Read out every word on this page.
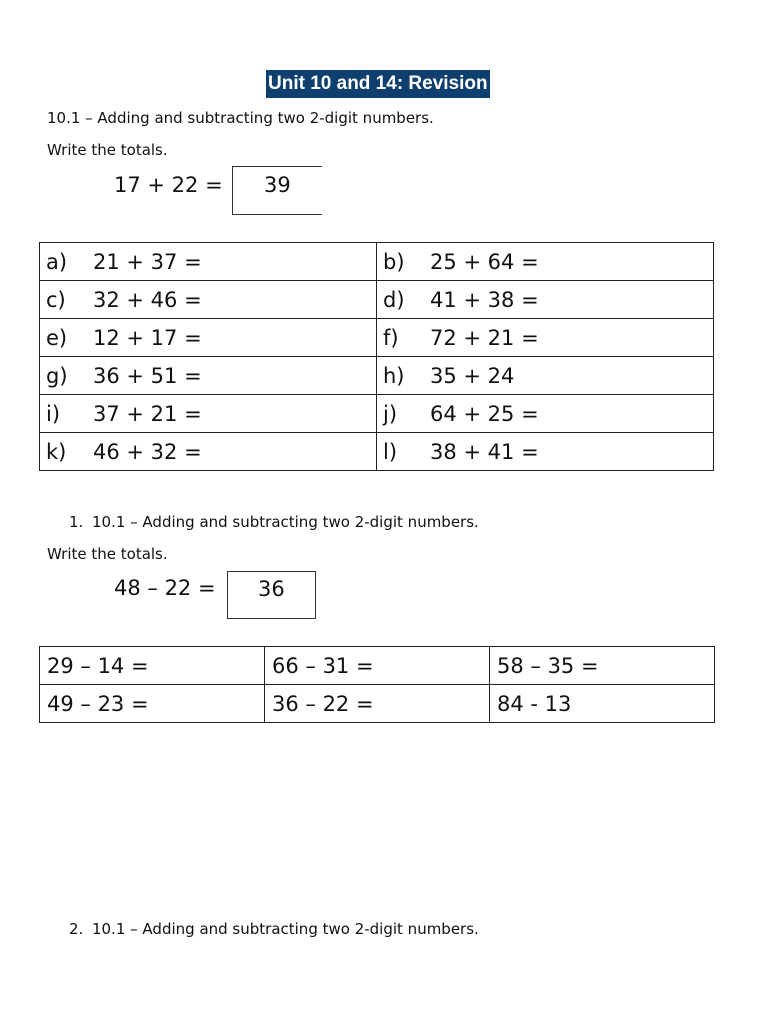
Unit 10 and 14: Revision
10.1 – Adding and subtracting two 2-digit numbers.
Write the totals.
17 + 22 = 39
a) 21 + 37 =	b) 25 + 64 =
c) 32 + 46 =	d) 41 + 38 =
e) 12 + 17 =	f) 72 + 21 =
g) 36 + 51 =	h) 35 + 24
i) 37 + 21 =	j) 64 + 25 =
k) 46 + 32 =	l) 38 + 41 =
1. 10.1 – Adding and subtracting two 2-digit numbers.
Write the totals.
48 – 22 = 36
29 – 14 =	66 – 31 =	58 – 35 =
49 – 23 =	36 – 22 =	84 - 13
2. 10.1 – Adding and subtracting two 2-digit numbers.
